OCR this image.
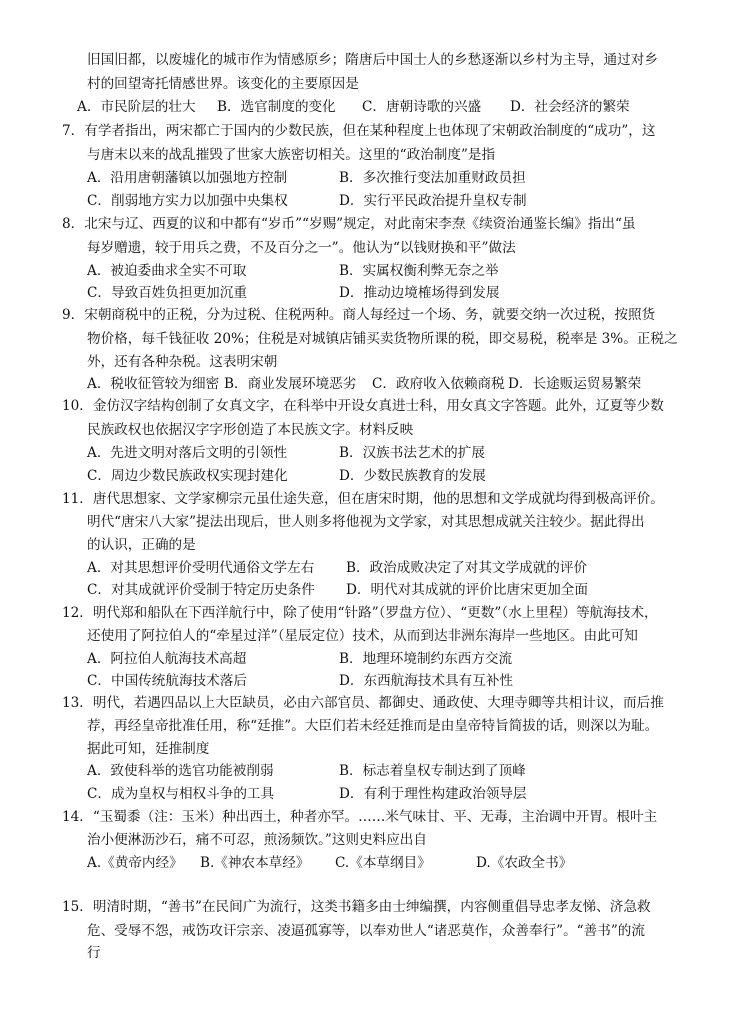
旧国旧都，以废墟化的城市作为情感原乡；隋唐后中国士人的乡愁逐渐以乡村为主导，通过对乡
村的回望寄托情感世界。该变化的主要原因是
A．市民阶层的壮大 B．选官制度的变化 C．唐朝诗歌的兴盛 D．社会经济的繁荣
7．有学者指出，两宋都亡于国内的少数民族，但在某种程度上也体现了宋朝政治制度的“成功”，这
与唐末以来的战乱摧毁了世家大族密切相关。这里的“政治制度”是指
A．沿用唐朝藩镇以加强地方控制	B．多次推行变法加重财政员担
C．削弱地方实力以加强中央集权	D．实行平民政治提升皇权专制
8．北宋与辽、西夏的议和中都有“岁币”“岁赐”规定，对此南宋李焘《续资治通鉴长编》指出“虽
每岁赠遗，较于用兵之费，不及百分之一”。他认为“以钱财换和平”做法
A．被迫委曲求全实不可取	B．实属权衡利弊无奈之举
C．导致百姓负担更加沉重	D．推动边境榷场得到发展
9．宋朝商税中的正税，分为过税、住税两种。商人每经过一个场、务，就要交纳一次过税，按照货
物价格，每千钱征收 20%；住税是对城镇店铺买卖货物所课的税，即交易税，税率是 3%。正税之
外，还有各种杂税。这表明宋朝
A．税收征管较为细密 B．商业发展环境恶劣 C．政府收入依赖商税 D．长途贩运贸易繁荣
10．金仿汉字结构创制了女真文字，在科举中开设女真进士科，用女真文字答题。此外，辽夏等少数
民族政权也依据汉字字形创造了本民族文字。材料反映
A．先进文明对落后文明的引领性	B．汉族书法艺术的扩展
C．周边少数民族政权实现封建化	D．少数民族教育的发展
11．唐代思想家、文学家柳宗元虽仕途失意，但在唐宋时期，他的思想和文学成就均得到极高评价。
明代“唐宋八大家”提法出现后，世人则多将他视为文学家，对其思想成就关注较少。据此得出
的认识，正确的是
A．对其思想评价受明代通俗文学左右 B．政治成败决定了对其文学成就的评价
C．对其成就评价受制于特定历史条件 D．明代对其成就的评价比唐宋更加全面
12．明代郑和船队在下西洋航行中，除了使用“针路”（罗盘方位）、“更数”（水上里程）等航海技术，
还使用了阿拉伯人的“牵星过洋”（星辰定位）技术，从而到达非洲东海岸一些地区。由此可知
A．阿拉伯人航海技术高超	B．地理环境制约东西方交流
C．中国传统航海技术落后	D．东西航海技术具有互补性
13．明代，若遇四品以上大臣缺员，必由六部官员、都御史、通政使、大理寺卿等共相计议，而后推
荐，再经皇帝批准任用，称“廷推”。大臣们若未经廷推而是由皇帝特旨简拔的话，则深以为耻。
据此可知，廷推制度
A．致使科举的选官功能被削弱	B．标志着皇权专制达到了顶峰
C．成为皇权与相权斗争的工具	D．有利于理性构建政治领导层
14．“玉蜀黍（注：玉米）种出西土，种者亦罕。……米气味甘、平、无毒，主治调中开胃。根叶主
治小便淋沥沙石，痛不可忍，煎汤频饮。”这则史料应出自
A.《黄帝内经》 B.《神农本草经》 C.《本草纲目》	D.《农政全书》
15．明清时期，“善书”在民间广为流行，这类书籍多由士绅编撰，内容侧重倡导忠孝友悌、济急救
危、受辱不怨，戒饬攻讦宗亲、凌逼孤寡等，以奉劝世人“诸恶莫作，众善奉行”。“善书”的流
行
